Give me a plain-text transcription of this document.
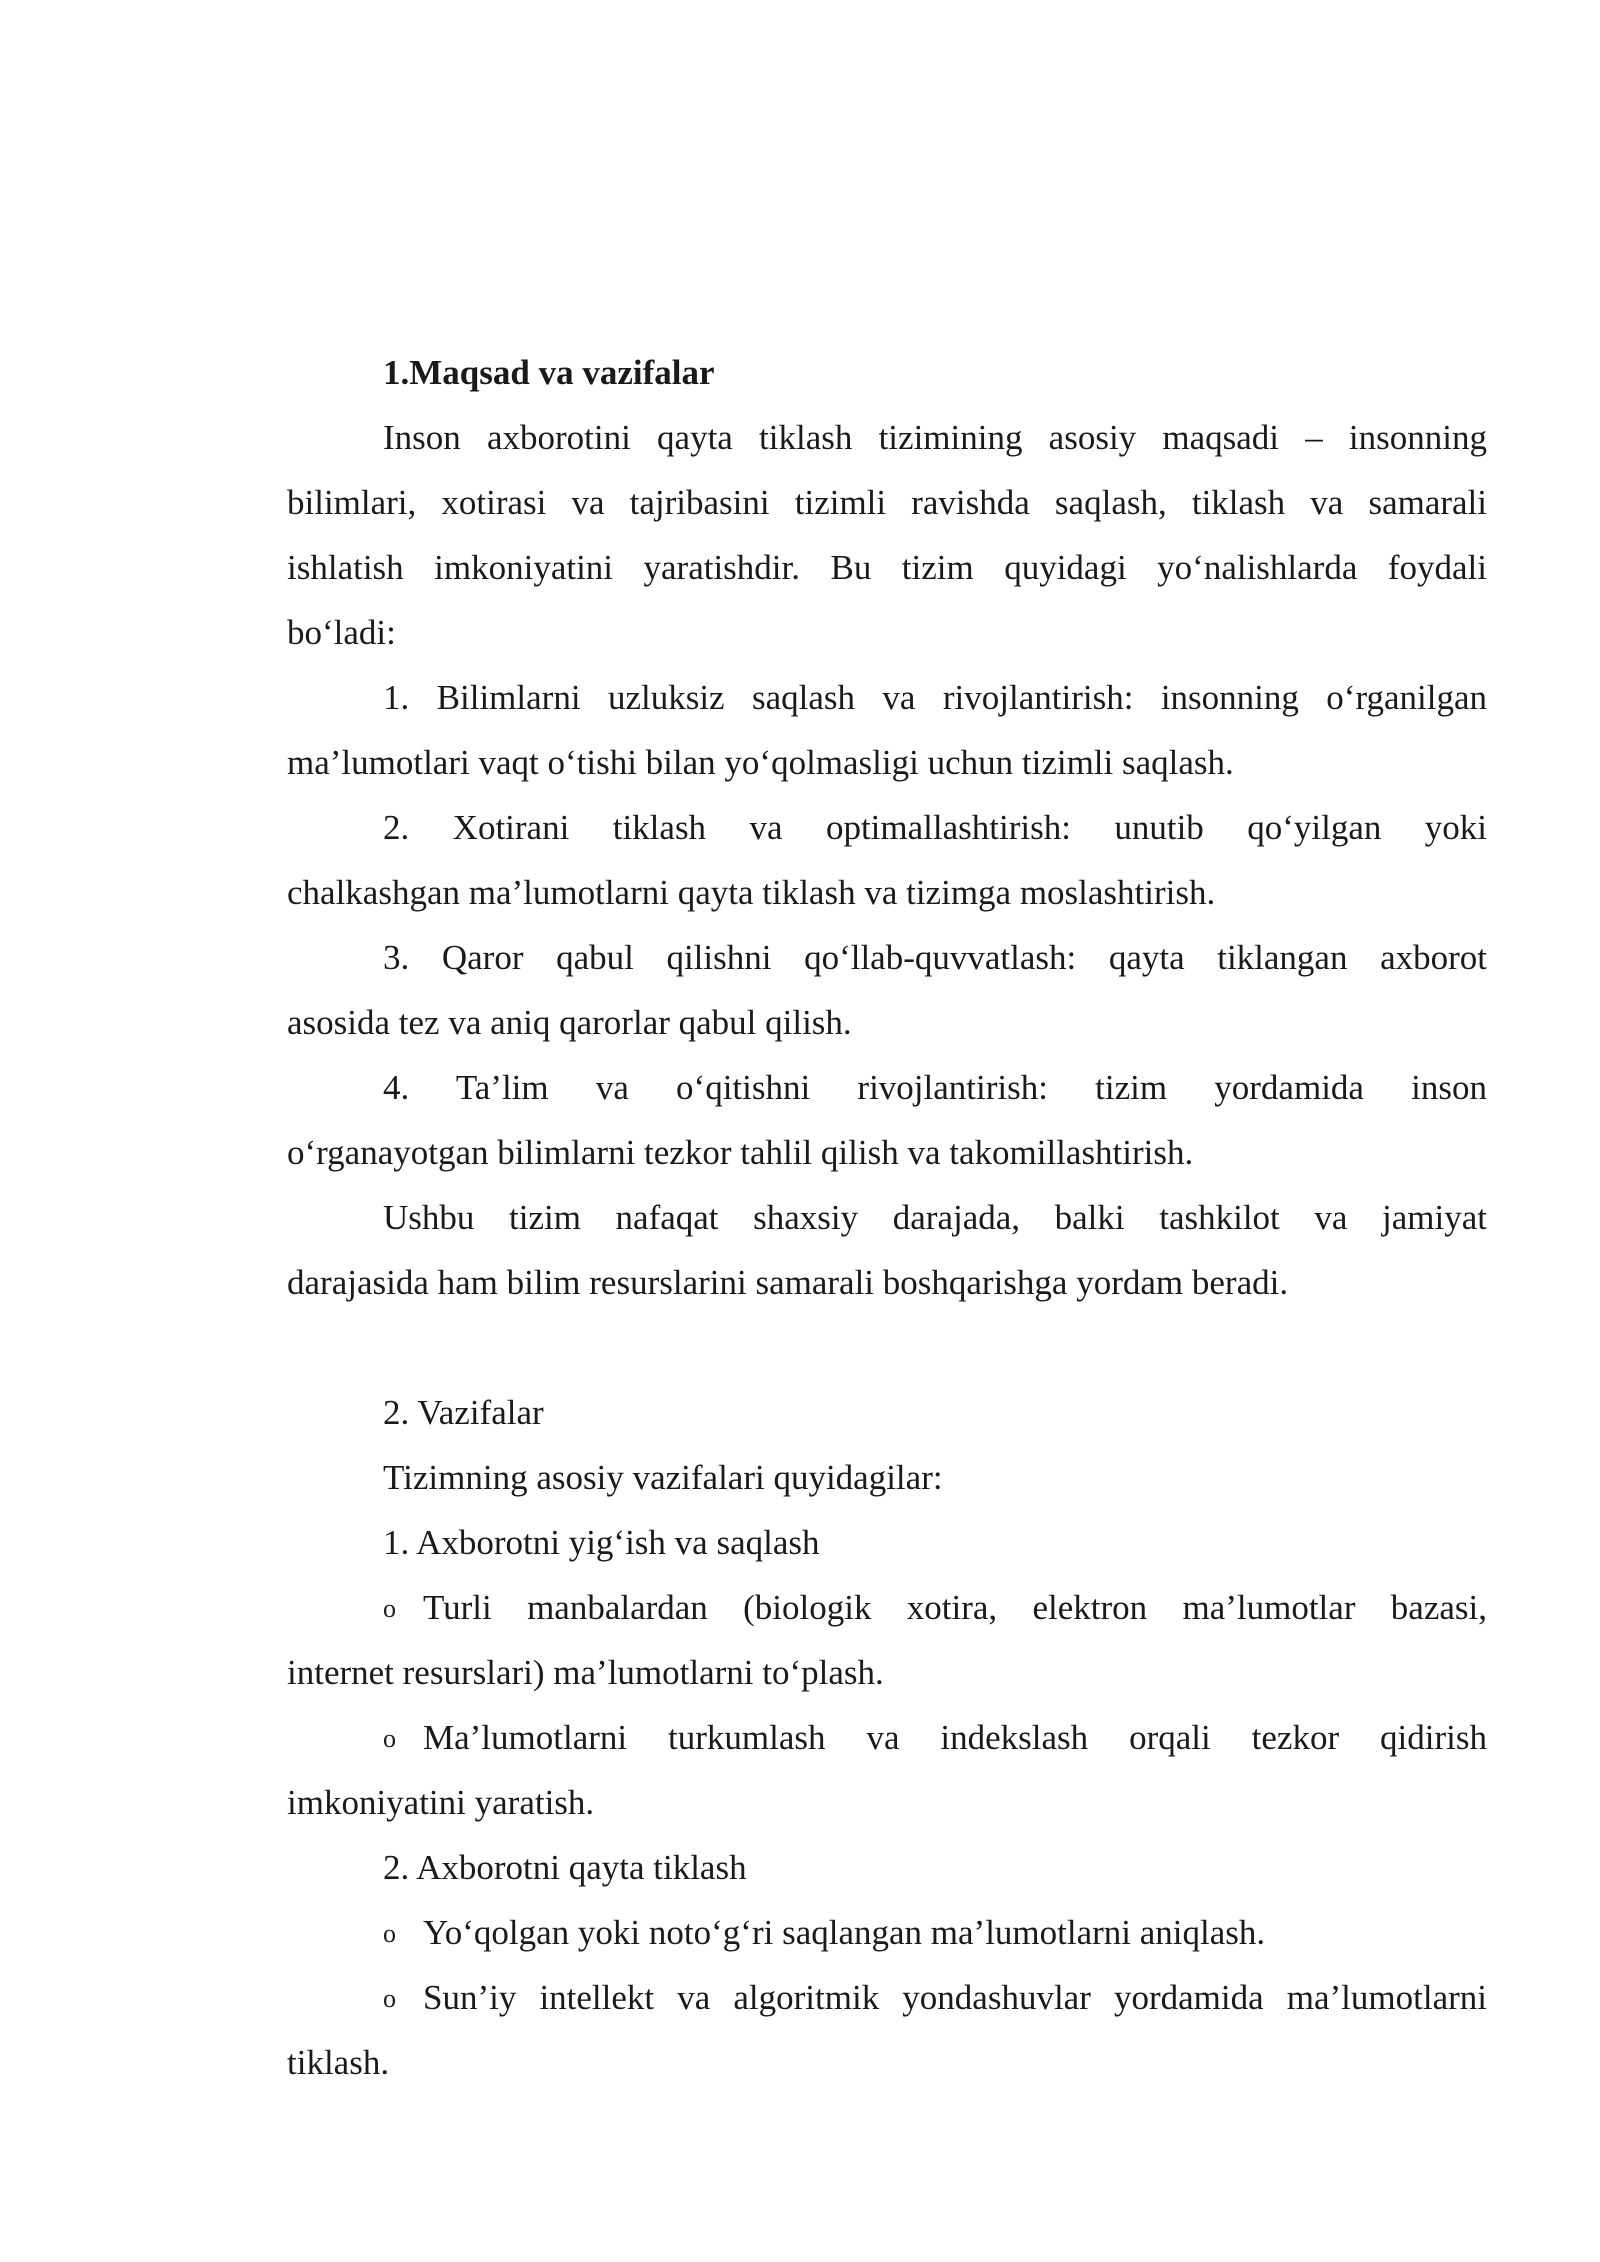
1.Maqsad va vazifalar

Inson axborotini qayta tiklash tizimining asosiy maqsadi – insonning

bilimlari, xotirasi va tajribasini tizimli ravishda saqlash, tiklash va samarali

ishlatish imkoniyatini yaratishdir. Bu tizim quyidagi yo‘nalishlarda foydali

bo‘ladi:

1. Bilimlarni uzluksiz saqlash va rivojlantirish: insonning o‘rganilgan

ma’lumotlari vaqt o‘tishi bilan yo‘qolmasligi uchun tizimli saqlash.

2. Xotirani tiklash va optimallashtirish: unutib qo‘yilgan yoki

chalkashgan ma’lumotlarni qayta tiklash va tizimga moslashtirish.

3. Qaror qabul qilishni qo‘llab-quvvatlash: qayta tiklangan axborot

asosida tez va aniq qarorlar qabul qilish.

4. Ta’lim va o‘qitishni rivojlantirish: tizim yordamida inson

o‘rganayotgan bilimlarni tezkor tahlil qilish va takomillashtirish.

Ushbu tizim nafaqat shaxsiy darajada, balki tashkilot va jamiyat

darajasida ham bilim resurslarini samarali boshqarishga yordam beradi.

2. Vazifalar

Tizimning asosiy vazifalari quyidagilar:

1. Axborotni yig‘ish va saqlash

o Turli manbalardan (biologik xotira, elektron ma’lumotlar bazasi,

internet resurslari) ma’lumotlarni to‘plash.

o Ma’lumotlarni turkumlash va indekslash orqali tezkor qidirish

imkoniyatini yaratish.

2. Axborotni qayta tiklash

o Yo‘qolgan yoki noto‘g‘ri saqlangan ma’lumotlarni aniqlash.

o Sun’iy intellekt va algoritmik yondashuvlar yordamida ma’lumotlarni

tiklash.
